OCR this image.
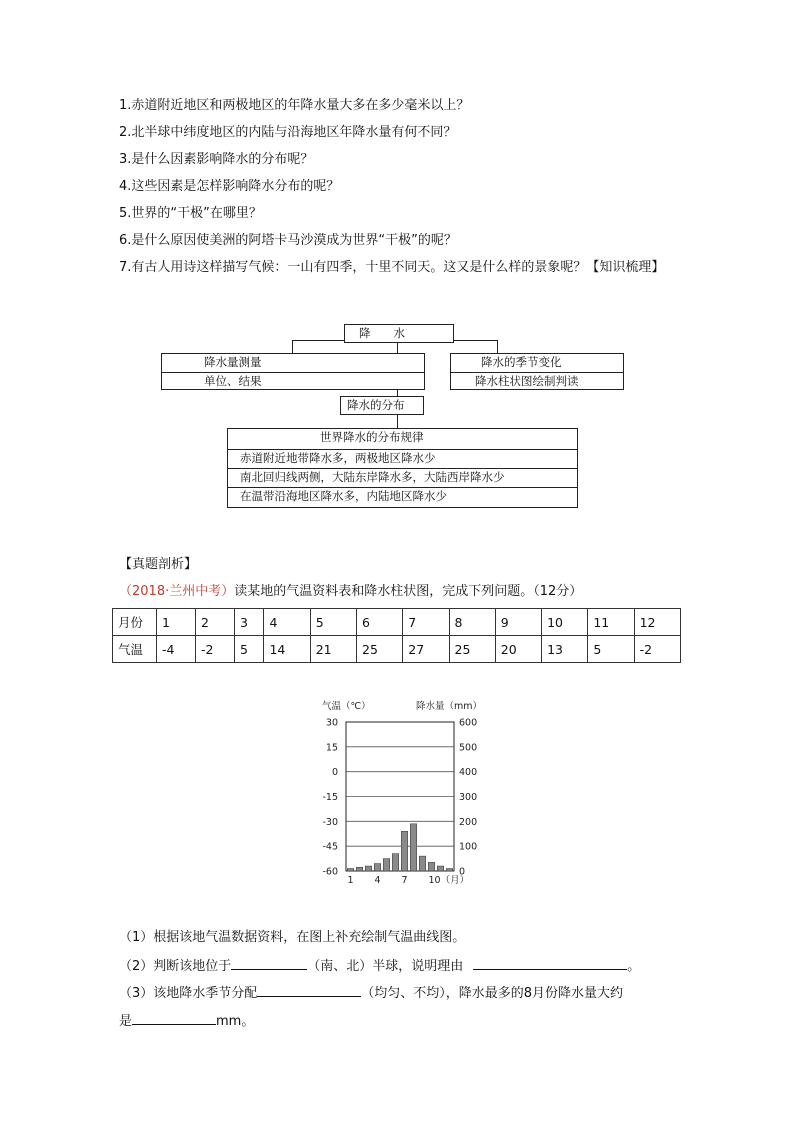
1.赤道附近地区和两极地区的年降水量大多在多少毫米以上？
2.北半球中纬度地区的内陆与沿海地区年降水量有何不同？
3.是什么因素影响降水的分布呢？
4.这些因素是怎样影响降水分布的呢？
5.世界的“干极”在哪里？
6.是什么原因使美洲的阿塔卡马沙漠成为世界“干极”的呢？
7.有古人用诗这样描写气候：一山有四季，十里不同天。这又是什么样的景象呢？【知识梳理】
降　　水
降水量测量
单位、结果
降水的季节变化
降水柱状图绘制判读
降水的分布
世界降水的分布规律
赤道附近地带降水多，两极地区降水少
南北回归线两侧，大陆东岸降水多，大陆西岸降水少
在温带沿海地区降水多，内陆地区降水少
【真题剖析】
（2018·兰州中考）读某地的气温资料表和降水柱状图，完成下列问题。（12分）
月份	1	2	3	4	5	6	7	8	9	10	11	12
气温	-4	-2	5	14	21	25	27	25	20	13	5	-2
30
15
0
-15
-30
-45
-60
600
500
400
300
200
100
0
气温（℃）	降水量（mm）
1 4 7 10（月）
（1）根据该地气温数据资料，在图上补充绘制气温曲线图。
（2）判断该地位于	（南、北）半球，说明理由	。
（3）该地降水季节分配	（均匀、不均），降水最多的8月份降水量大约
是	mm。
